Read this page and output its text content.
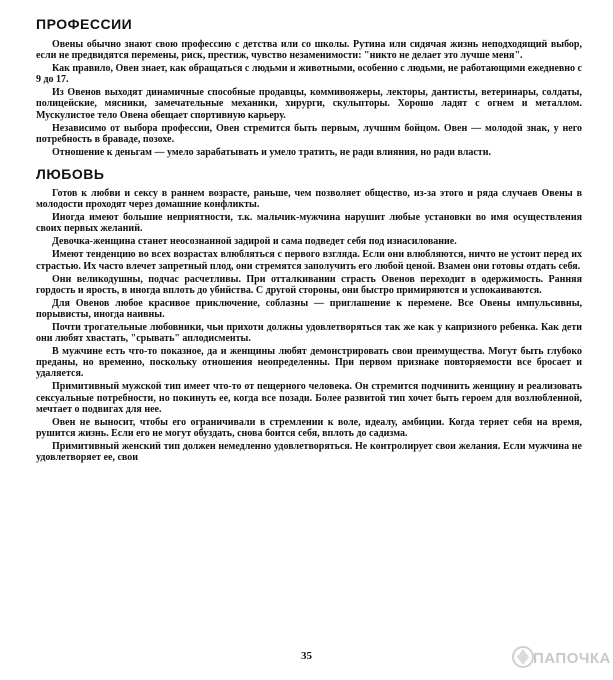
ПРОФЕССИИ

Овены обычно знают свою профессию с детства или со школы. Рутина или сидячая жизнь неподходящий выбор, если не предвидятся перемены, риск, престиж, чувство незаменимости: "никто не делает это лучше меня".

Как правило, Овен знает, как обращаться с людьми и животными, особенно с людьми, не работающими ежедневно с 9 до 17.

Из Овенов выходят динамичные способные продавцы, коммивояжеры, лекторы, дантисты, ветеринары, солдаты, полицейские, мясники, замечательные механики, хирурги, скульпторы. Хорошо ладят с огнем и металлом. Мускулистое тело Овена обещает спортивную карьеру.

Независимо от выбора профессии, Овен стремится быть первым, лучшим бойцом. Овен — молодой знак, у него потребность в браваде, позохе.

Отношение к деньгам — умело зарабатывать и умело тратить, не ради влияния, но ради власти.

ЛЮБОВЬ

Готов к любви и сексу в раннем возрасте, раньше, чем позволяет общество, из-за этого и ряда случаев Овены в молодости проходят через домашние конфликты.

Иногда имеют большие неприятности, т.к. мальчик-мужчина нарушит любые установки во имя осуществления своих первых желаний.

Девочка-женщина станет неосознанной задирой и сама подведет себя под изнасилование.

Имеют тенденцию во всех возрастах влюбляться с первого взгляда. Если они влюбляются, ничто не устоит перед их страстью. Их часто влечет запретный плод, они стремятся заполучить его любой ценой. Взамен они готовы отдать себя.

Они великодушны, подчас расчетливы. При отталкивании страсть Овенов переходит в одержимость. Ранняя гордость и ярость, в иногда вплоть до убийства. С другой стороны, они быстро примиряются и успокаиваются.

Для Овенов любое красивое приключение, соблазны — приглашение к перемене. Все Овены импульсивны, порывисты, иногда наивны.

Почти трогательные любовники, чьи прихоти должны удовлетворяться так же как у капризного ребенка. Как дети они любят хвастать, "срывать" аплодисменты.

В мужчине есть что-то показное, да и женщины любят демонстрировать свои преимущества. Могут быть глубоко преданы, но временно, поскольку отношения неопределенны. При первом признаке повторяемости все бросает и удаляется.

Примитивный мужской тип имеет что-то от пещерного человека. Он стремится подчинить женщину и реализовать сексуальные потребности, но покинуть ее, когда все позади. Более развитой тип хочет быть героем для возлюбленной, мечтает о подвигах для нее.

Овен не выносит, чтобы его ограничивали в стремлении к воле, идеалу, амбиции. Когда теряет себя на время, рушится жизнь. Если его не могут обуздать, снова боится себя, вплоть до садизма.

Примитивный женский тип должен немедленно удовлетворяться. Не контролирует свои желания. Если мужчина не удовлетворяет ее, свои

35	ПАПОЧКА
